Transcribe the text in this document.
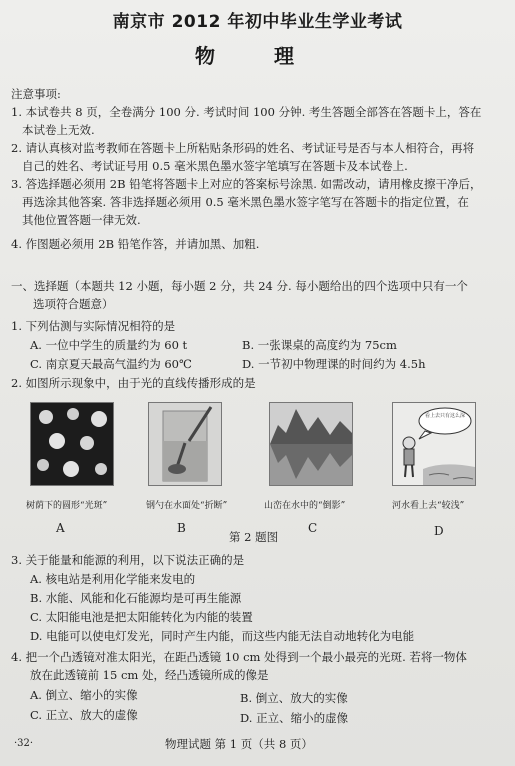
南京市 2012 年初中毕业生学业考试
物 理
注意事项:
1. 本试卷共 8 页，全卷满分 100 分. 考试时间 100 分钟. 考生答题全部答在答题卡上，答在
本试卷上无效.
2. 请认真核对监考教师在答题卡上所粘贴条形码的姓名、考试证号是否与本人相符合，再将
自己的姓名、考试证号用 0.5 毫米黑色墨水签字笔填写在答题卡及本试卷上.
3. 答选择题必须用 2B 铅笔将答题卡上对应的答案标号涂黑. 如需改动，请用橡皮擦干净后，
再选涂其他答案. 答非选择题必须用 0.5 毫米黑色墨水签字笔写在答题卡的指定位置，在
其他位置答题一律无效.
4. 作图题必须用 2B 铅笔作答，并请加黑、加粗.
一、选择题（本题共 12 小题，每小题 2 分，共 24 分. 每小题给出的四个选项中只有一个
选项符合题意）
1. 下列估测与实际情况相符的是
A. 一位中学生的质量约为 60 t	B. 一张课桌的高度约为 75cm
C. 南京夏天最高气温约为 60℃	D. 一节初中物理课的时间约为 4.5h
2. 如图所示现象中，由于光的直线传播形成的是
看上去只有这么深
树荫下的圆形“光斑”	钢勺在水面处“折断”	山峦在水中的“倒影”	河水看上去“较浅”
A	B	C	D
第 2 题图
3. 关于能量和能源的利用，以下说法正确的是
A. 核电站是利用化学能来发电的
B. 水能、风能和化石能源均是可再生能源
C. 太阳能电池是把太阳能转化为内能的装置
D. 电能可以使电灯发光，同时产生内能，而这些内能无法自动地转化为电能
4. 把一个凸透镜对准太阳光，在距凸透镜 10 cm 处得到一个最小最亮的光斑. 若将一物体
放在此透镜前 15 cm 处，经凸透镜所成的像是
A. 倒立、缩小的实像	B. 倒立、放大的实像
C. 正立、放大的虚像	D. 正立、缩小的虚像
·32·	物理试题 第 1 页（共 8 页）
